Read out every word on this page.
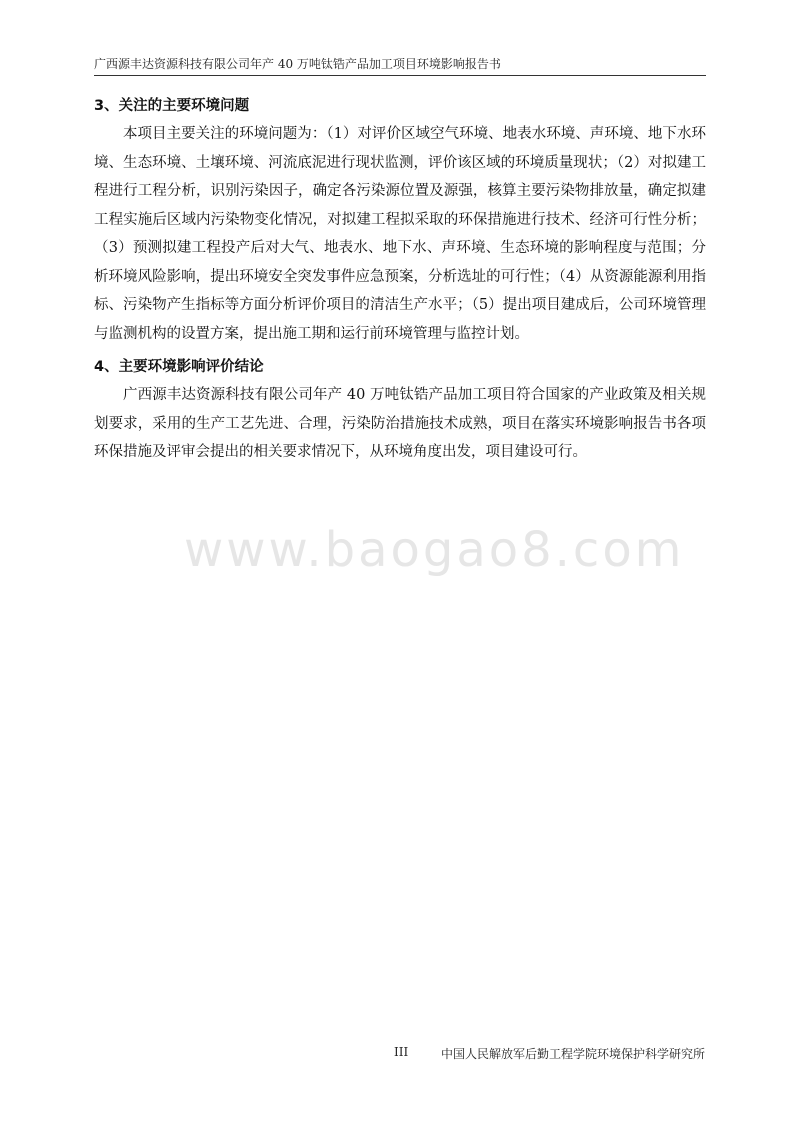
广西源丰达资源科技有限公司年产 40 万吨钛锆产品加工项目环境影响报告书
3、关注的主要环境问题

本项目主要关注的环境问题为：（1）对评价区域空气环境、地表水环境、声环境、地下水环境、生态环境、土壤环境、河流底泥进行现状监测，评价该区域的环境质量现状；（2）对拟建工程进行工程分析，识别污染因子，确定各污染源位置及源强，核算主要污染物排放量，确定拟建工程实施后区域内污染物变化情况，对拟建工程拟采取的环保措施进行技术、经济可行性分析；（3）预测拟建工程投产后对大气、地表水、地下水、声环境、生态环境的影响程度与范围；分析环境风险影响，提出环境安全突发事件应急预案，分析选址的可行性；（4）从资源能源利用指标、污染物产生指标等方面分析评价项目的清洁生产水平；（5）提出项目建成后，公司环境管理与监测机构的设置方案，提出施工期和运行前环境管理与监控计划。

4、主要环境影响评价结论

广西源丰达资源科技有限公司年产 40 万吨钛锆产品加工项目符合国家的产业政策及相关规划要求，采用的生产工艺先进、合理，污染防治措施技术成熟，项目在落实环境影响报告书各项环保措施及评审会提出的相关要求情况下，从环境角度出发，项目建设可行。

www.baogao8.com
III	中国人民解放军后勤工程学院环境保护科学研究所
